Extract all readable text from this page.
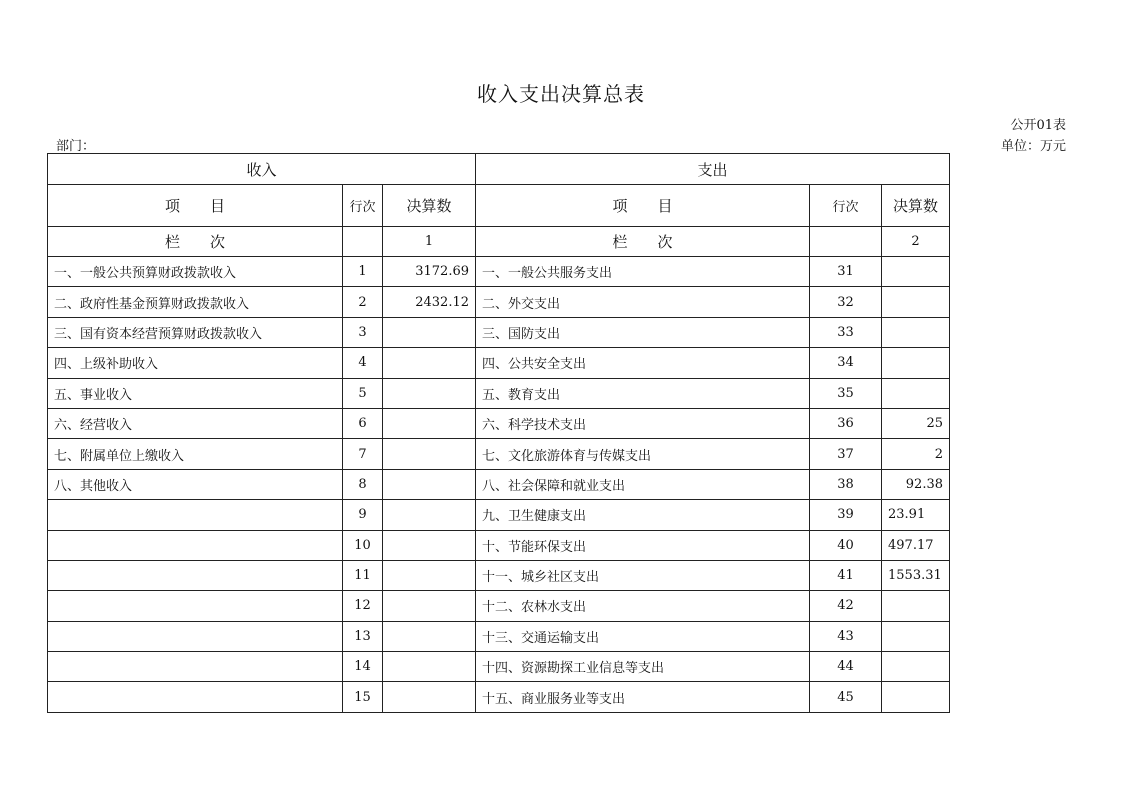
收入支出决算总表
公开01表
部门：	单位：万元
收入			支出		
项　　目	行次	决算数	项　　目	行次	决算数
栏　　次		1	栏　　次		2
一、一般公共预算财政拨款收入	1	3172.69	一、一般公共服务支出	31	
二、政府性基金预算财政拨款收入	2	2432.12	二、外交支出	32	
三、国有资本经营预算财政拨款收入	3		三、国防支出	33	
四、上级补助收入	4		四、公共安全支出	34	
五、事业收入	5		五、教育支出	35	
六、经营收入	6		六、科学技术支出	36	25
七、附属单位上缴收入	7		七、文化旅游体育与传媒支出	37	2
八、其他收入	8		八、社会保障和就业支出	38	92.38
	9		九、卫生健康支出	39	23.91
	10		十、节能环保支出	40	497.17
	11		十一、城乡社区支出	41	1553.31
	12		十二、农林水支出	42	
	13		十三、交通运输支出	43	
	14		十四、资源勘探工业信息等支出	44	
	15		十五、商业服务业等支出	45	
